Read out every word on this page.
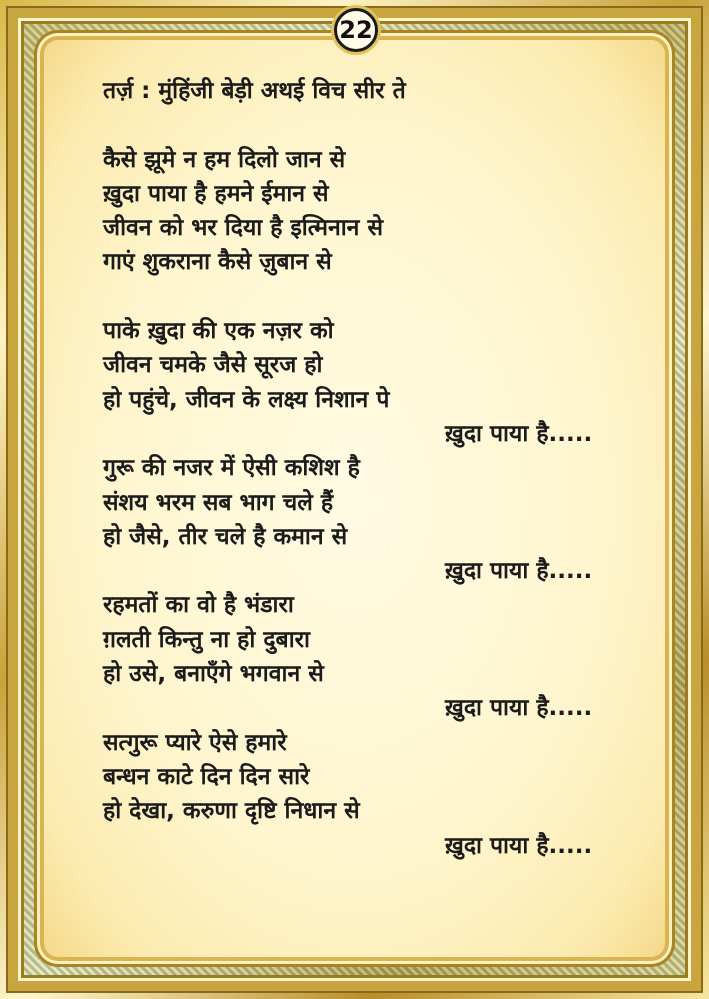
22
तर्ज़ : मुंहिंजी बेड़ी अथई विच सीर ते
कैसे झूमे न हम दिलो जान से
ख़ुदा पाया है हमने ईमान से
जीवन को भर दिया है इत्मिनान से
गाएं शुकराना कैसे ज़ुबान से
पाके ख़ुदा की एक नज़र को
जीवन चमके जैसे सूरज हो
हो पहुंचे, जीवन के लक्ष्य निशान पे
ख़ुदा पाया है.....
गुरू की नजर में ऐसी कशिश है
संशय भरम सब भाग चले हैं
हो जैसे, तीर चले है कमान से
ख़ुदा पाया है.....
रहमतों का वो है भंडारा
ग़लती किन्तु ना हो दुबारा
हो उसे, बनाएँगे भगवान से
ख़ुदा पाया है.....
सत्गुरू प्यारे ऐसे हमारे
बन्धन काटे दिन दिन सारे
हो देखा, करुणा दृष्टि निधान से
ख़ुदा पाया है.....
